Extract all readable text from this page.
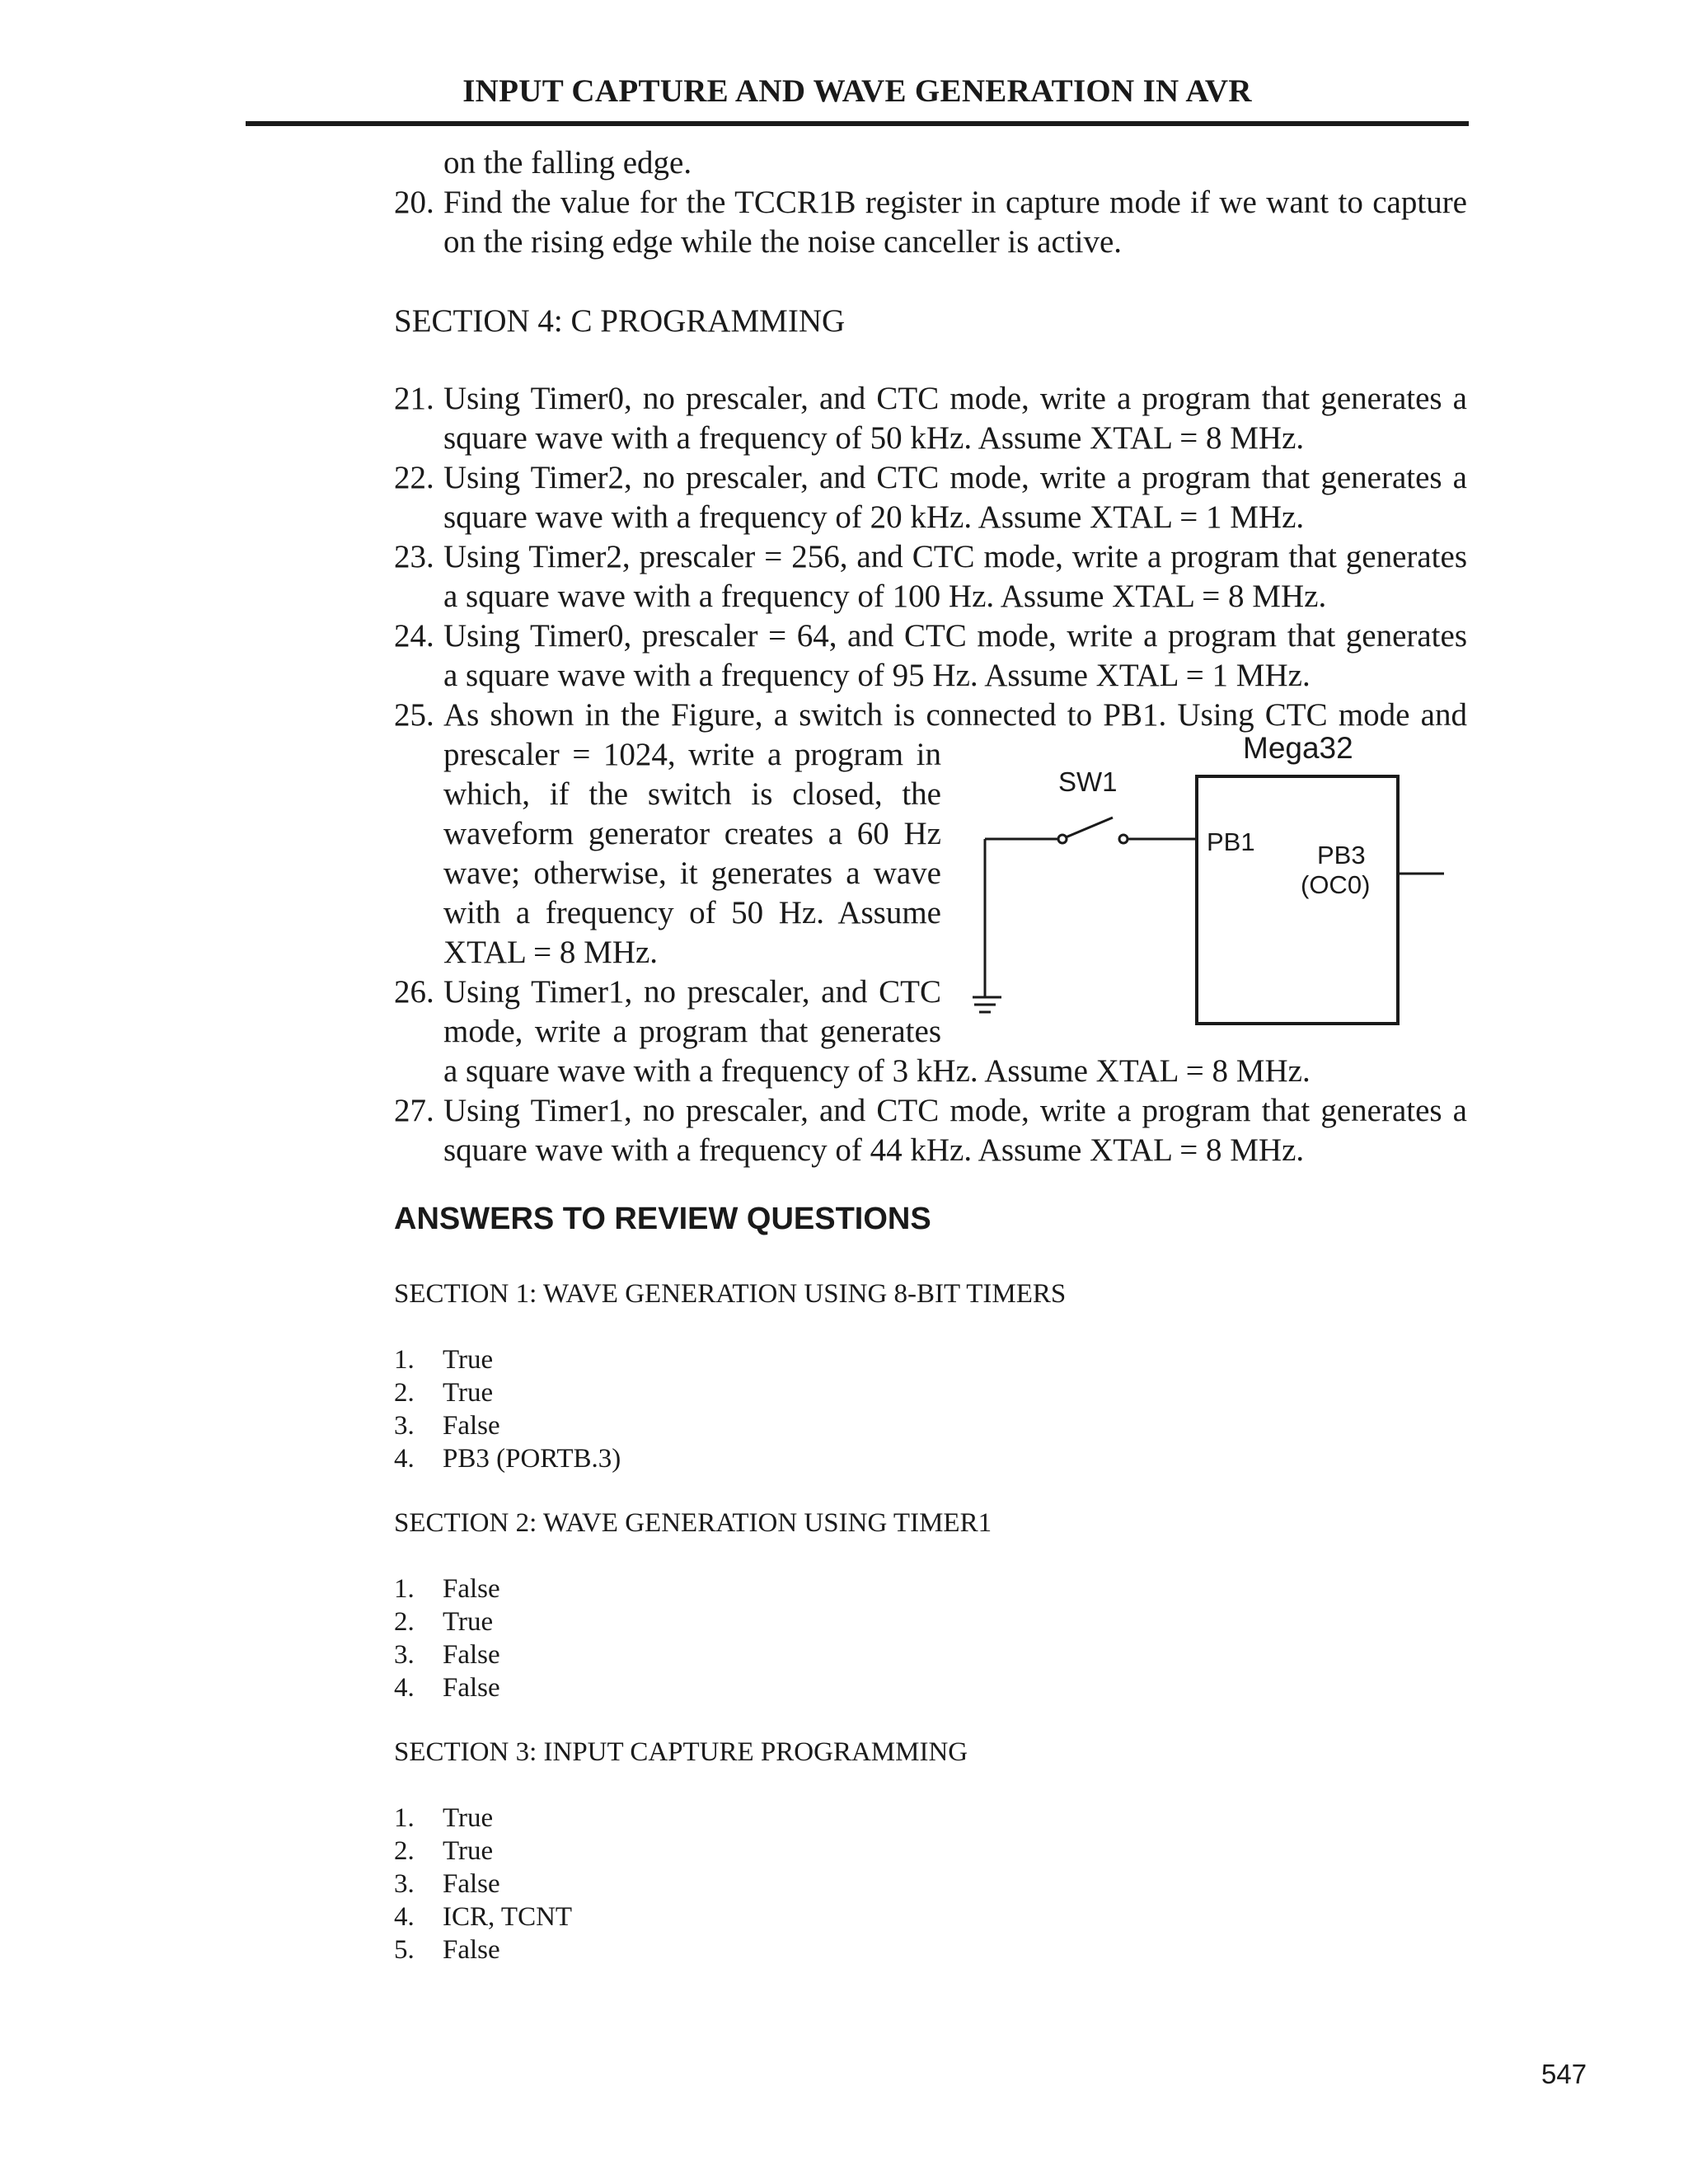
INPUT CAPTURE AND WAVE GENERATION IN AVR
on the falling edge.
20. Find the value for the TCCR1B register in capture mode if we want to capture
on the rising edge while the noise canceller is active.
SECTION 4: C PROGRAMMING
21. Using Timer0, no prescaler, and CTC mode, write a program that generates a
square wave with a frequency of 50 kHz. Assume XTAL = 8 MHz.
22. Using Timer2, no prescaler, and CTC mode, write a program that generates a
square wave with a frequency of 20 kHz. Assume XTAL = 1 MHz.
23. Using Timer2, prescaler = 256, and CTC mode, write a program that generates
a square wave with a frequency of 100 Hz. Assume XTAL = 8 MHz.
24. Using Timer0, prescaler = 64, and CTC mode, write a program that generates
a square wave with a frequency of 95 Hz. Assume XTAL = 1 MHz.
25. As shown in the Figure, a switch is connected to PB1. Using CTC mode and
prescaler = 1024, write a program in
which, if the switch is closed, the
waveform generator creates a 60 Hz
wave; otherwise, it generates a wave
with a frequency of 50 Hz. Assume
XTAL = 8 MHz.
26. Using Timer1, no prescaler, and CTC
mode, write a program that generates
a square wave with a frequency of 3 kHz. Assume XTAL = 8 MHz.
27. Using Timer1, no prescaler, and CTC mode, write a program that generates a
square wave with a frequency of 44 kHz. Assume XTAL = 8 MHz.
Mega32
SW1
PB1 PB3
(OC0)
ANSWERS TO REVIEW QUESTIONS
SECTION 1: WAVE GENERATION USING 8-BIT TIMERS
1. True
2. True
3. False
4. PB3 (PORTB.3)
SECTION 2: WAVE GENERATION USING TIMER1
1. False
2. True
3. False
4. False
SECTION 3: INPUT CAPTURE PROGRAMMING
1. True
2. True
3. False
4. ICR, TCNT
5. False
547
